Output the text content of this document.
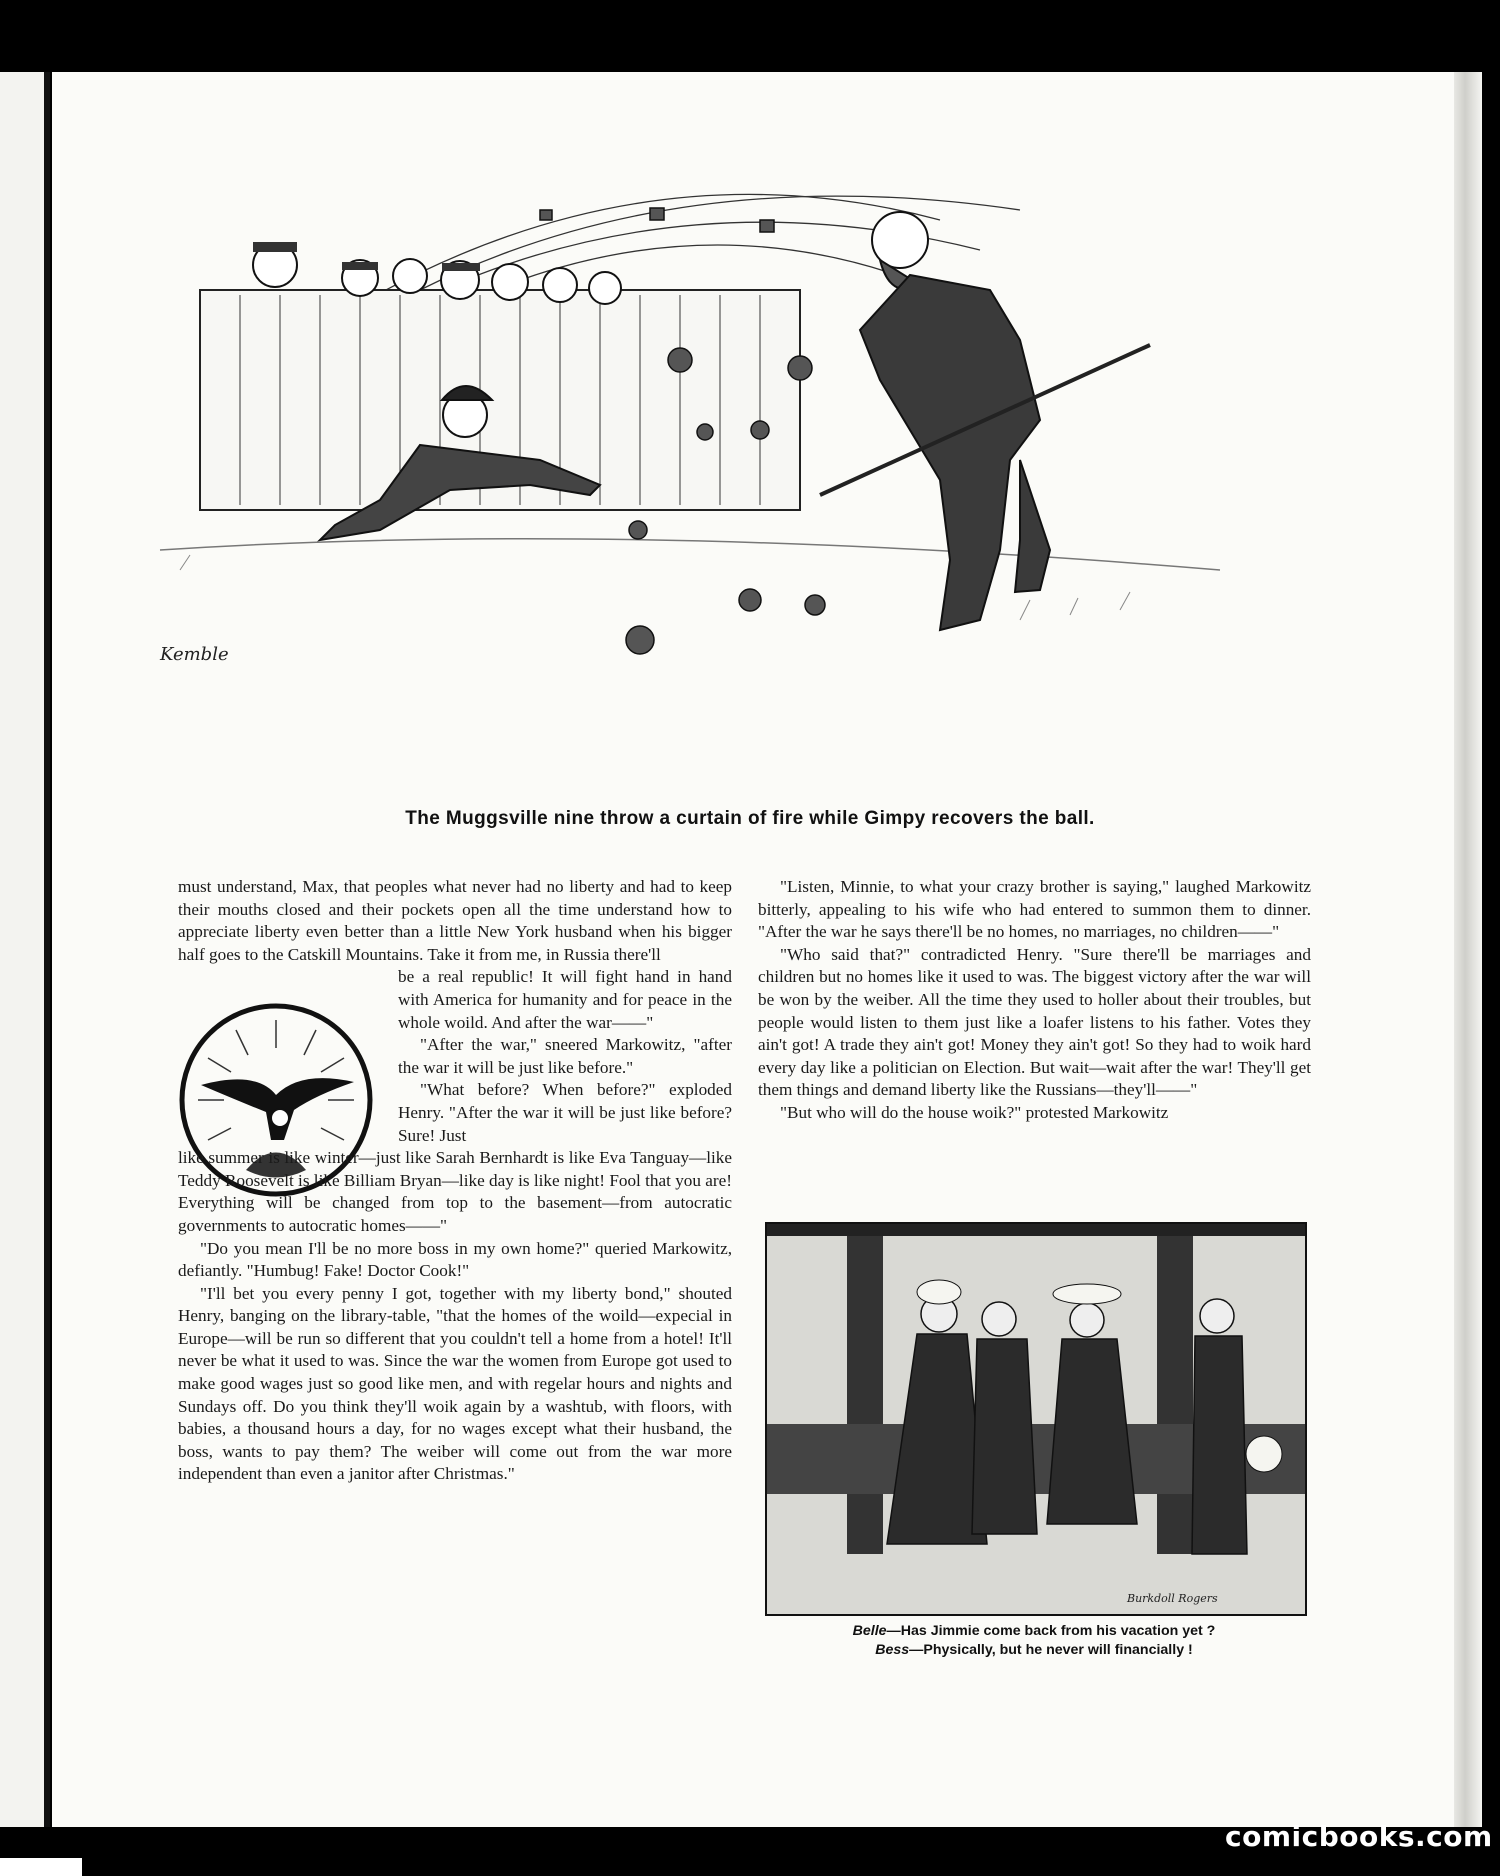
Kemble
The Muggsville nine throw a curtain of fire while Gimpy recovers the ball.

must understand, Max, that peoples what never had no liberty and had to keep their mouths closed and their pockets open all the time understand how to appreciate liberty even better than a little New York husband when his bigger half goes to the Catskill Mountains. Take it from me, in Russia there'll

be a real republic! It will fight hand in hand with America for humanity and for peace in the whole woild. And after the war——"

"After the war," sneered Markowitz, "after the war it will be just like before."

"What before? When before?" exploded Henry. "After the war it will be just like before? Sure! Just

like summer is like winter—just like Sarah Bernhardt is like Eva Tanguay—like Teddy Roosevelt is like Billiam Bryan—like day is like night! Fool that you are! Everything will be changed from top to the basement—from autocratic governments to autocratic homes——"

"Do you mean I'll be no more boss in my own home?" queried Markowitz, defiantly. "Humbug! Fake! Doctor Cook!"

"I'll bet you every penny I got, together with my liberty bond," shouted Henry, banging on the library-table, "that the homes of the woild—expecial in Europe—will be run so different that you couldn't tell a home from a hotel! It'll never be what it used to was. Since the war the women from Europe got used to make good wages just so good like men, and with regelar hours and nights and Sundays off. Do you think they'll woik again by a washtub, with floors, with babies, a thousand hours a day, for no wages except what their husband, the boss, wants to pay them? The weiber will come out from the war more independent than even a janitor after Christmas."

"Listen, Minnie, to what your crazy brother is saying," laughed Markowitz bitterly, appealing to his wife who had entered to summon them to dinner. "After the war he says there'll be no homes, no marriages, no children——"

"Who said that?" contradicted Henry. "Sure there'll be marriages and children but no homes like it used to was. The biggest victory after the war will be won by the weiber. All the time they used to holler about their troubles, but people would listen to them just like a loafer listens to his father. Votes they ain't got! A trade they ain't got! Money they ain't got! So they had to woik hard every day like a politician on Election. But wait—wait after the war! They'll get them things and demand liberty like the Russians—they'll——"

"But who will do the house woik?" protested Markowitz

Burkdoll Rogers
Belle—Has Jimmie come back from his vacation yet ?
Bess—Physically, but he never will financially !
comicbooks.com
